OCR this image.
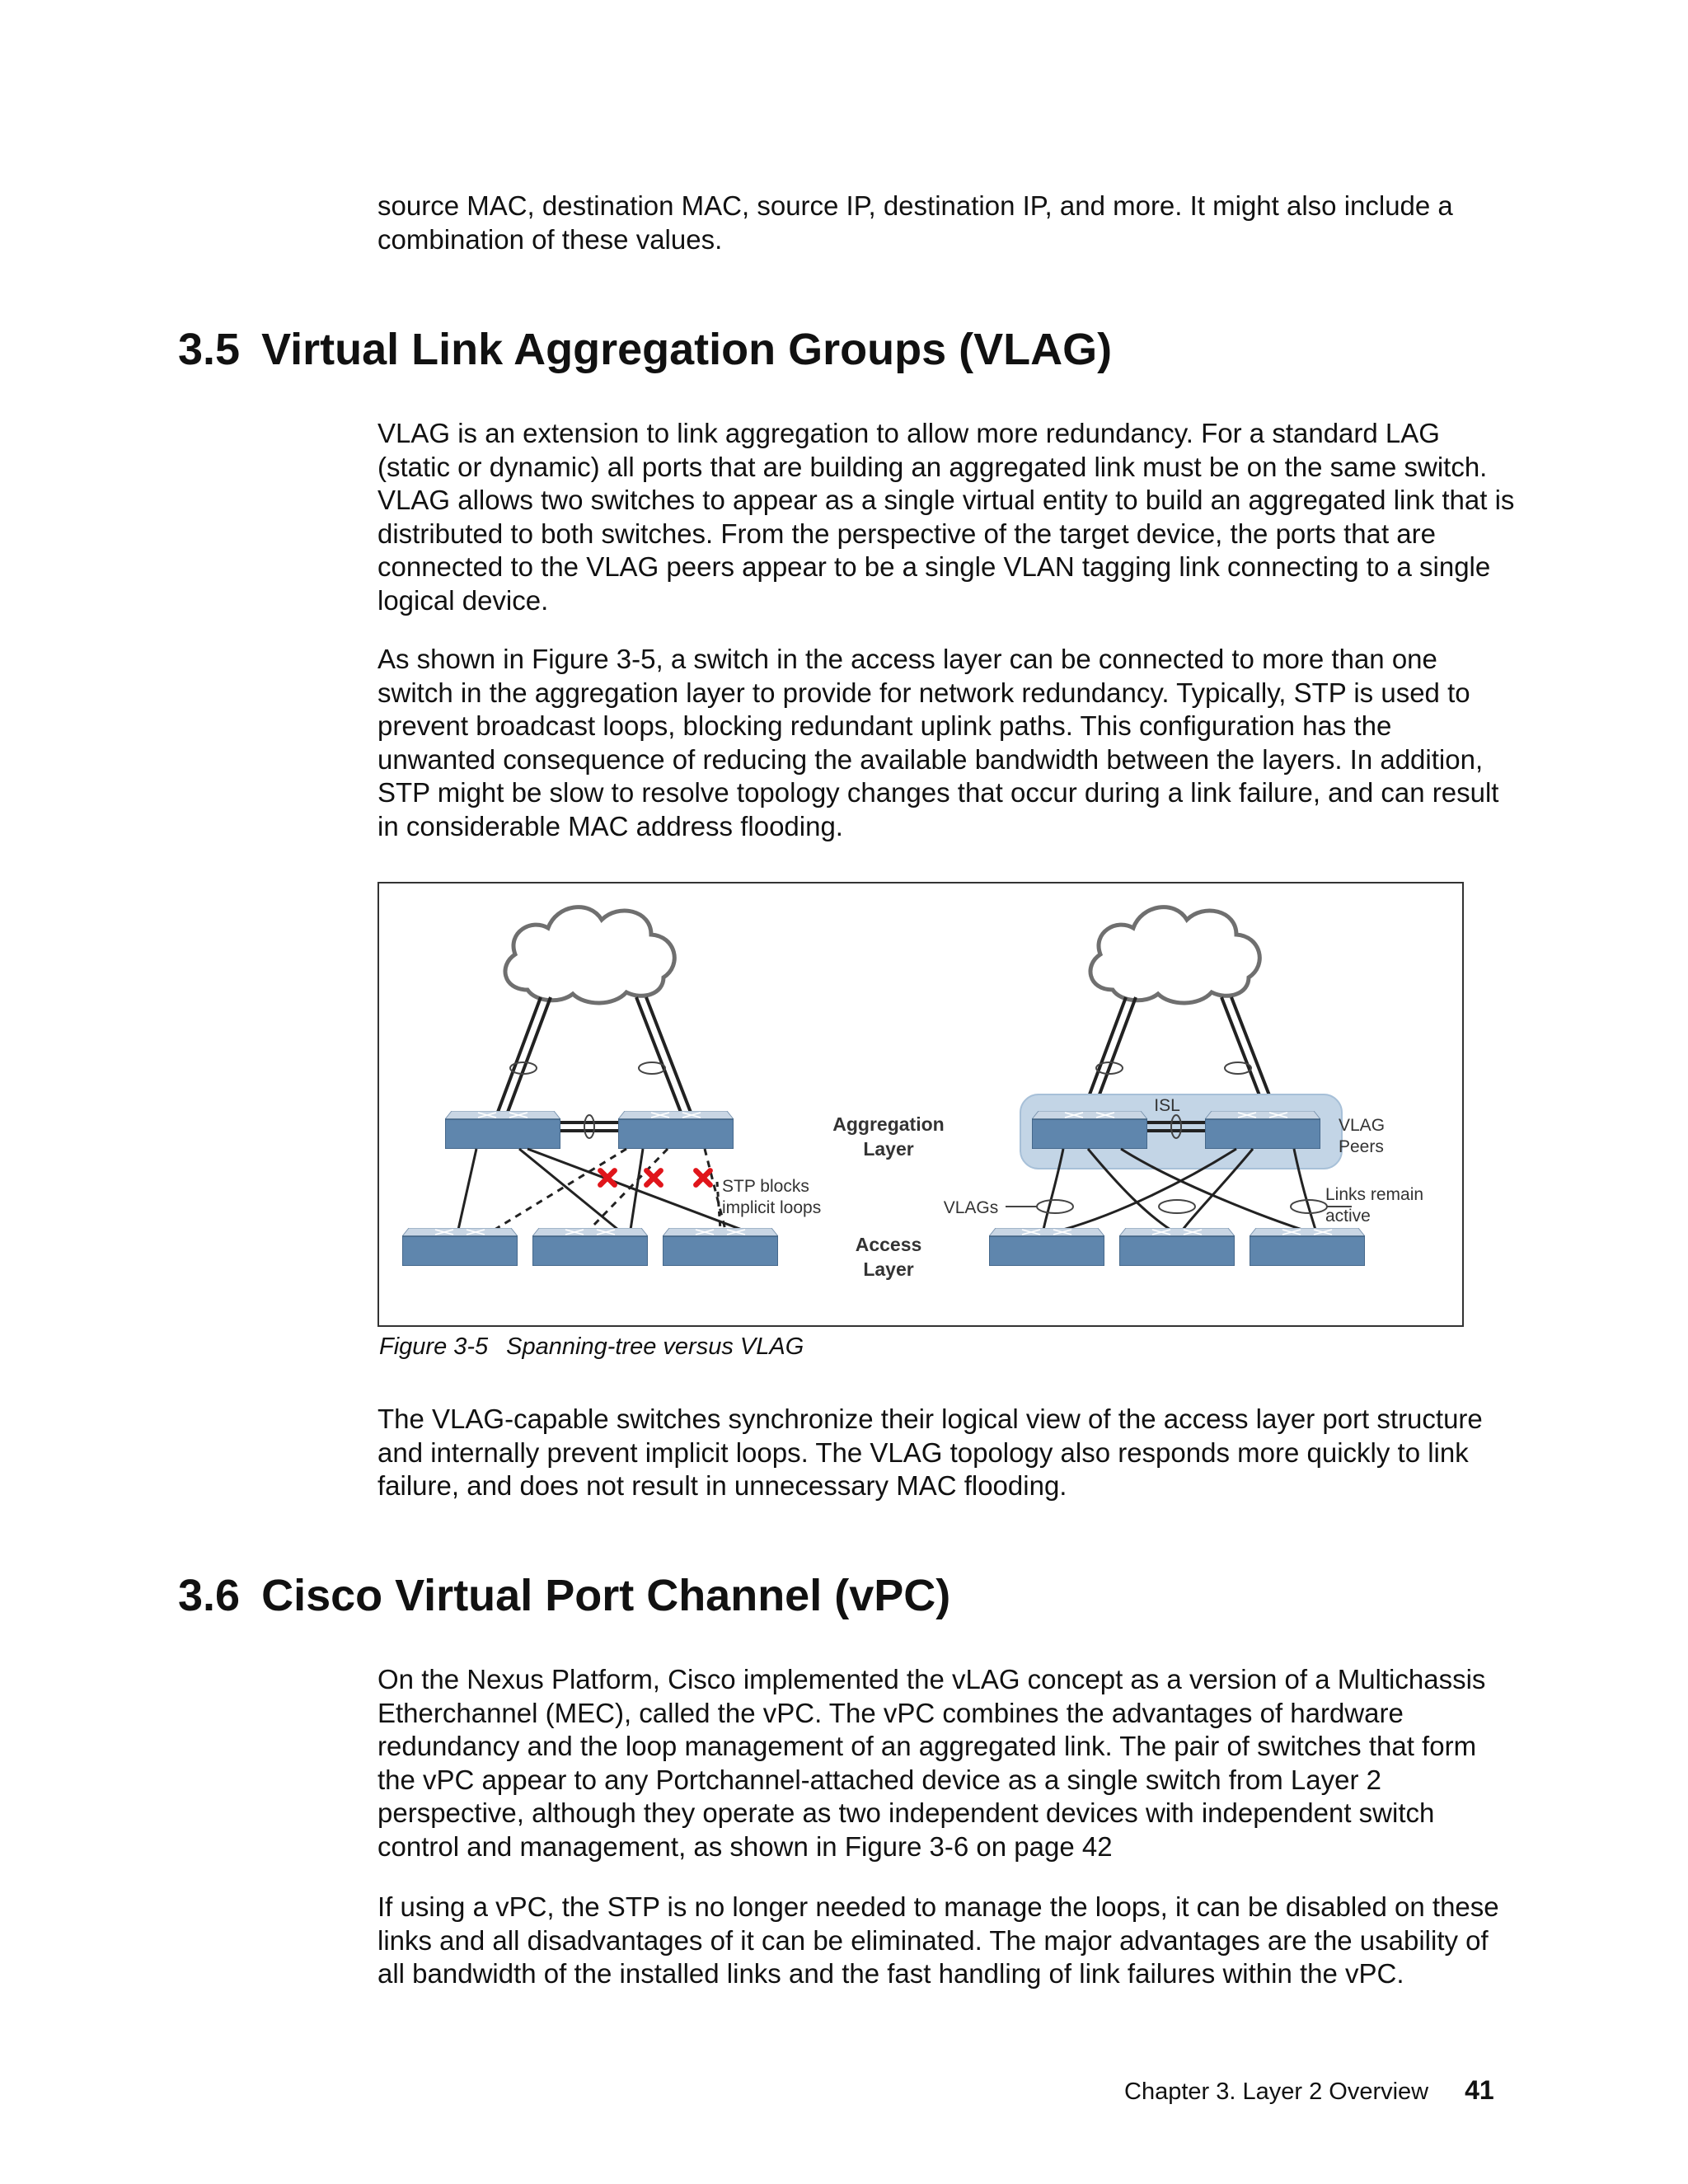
source MAC, destination MAC, source IP, destination IP, and more. It might also include a combination of these values.

3.5 Virtual Link Aggregation Groups (VLAG)

VLAG is an extension to link aggregation to allow more redundancy. For a standard LAG (static or dynamic) all ports that are building an aggregated link must be on the same switch. VLAG allows two switches to appear as a single virtual entity to build an aggregated link that is distributed to both switches. From the perspective of the target device, the ports that are connected to the VLAG peers appear to be a single VLAN tagging link connecting to a single logical device.

As shown in Figure 3-5, a switch in the access layer can be connected to more than one switch in the aggregation layer to provide for network redundancy. Typically, STP is used to prevent broadcast loops, blocking redundant uplink paths. This configuration has the unwanted consequence of reducing the available bandwidth between the layers. In addition, STP might be slow to resolve topology changes that occur during a link failure, and can result in considerable MAC address flooding.

Aggregation
Layer
Access
Layer
STP blocks
implicit loops
ISL
VLAG
Peers
VLAGs
Links remain
active
Figure 3-5 Spanning-tree versus VLAG

The VLAG-capable switches synchronize their logical view of the access layer port structure and internally prevent implicit loops. The VLAG topology also responds more quickly to link failure, and does not result in unnecessary MAC flooding.

3.6 Cisco Virtual Port Channel (vPC)

On the Nexus Platform, Cisco implemented the vLAG concept as a version of a Multichassis Etherchannel (MEC), called the vPC. The vPC combines the advantages of hardware redundancy and the loop management of an aggregated link. The pair of switches that form the vPC appear to any Portchannel-attached device as a single switch from Layer 2 perspective, although they operate as two independent devices with independent switch control and management, as shown in Figure 3-6 on page 42

If using a vPC, the STP is no longer needed to manage the loops, it can be disabled on these links and all disadvantages of it can be eliminated. The major advantages are the usability of all bandwidth of the installed links and the fast handling of link failures within the vPC.

Chapter 3. Layer 2 Overview 41
